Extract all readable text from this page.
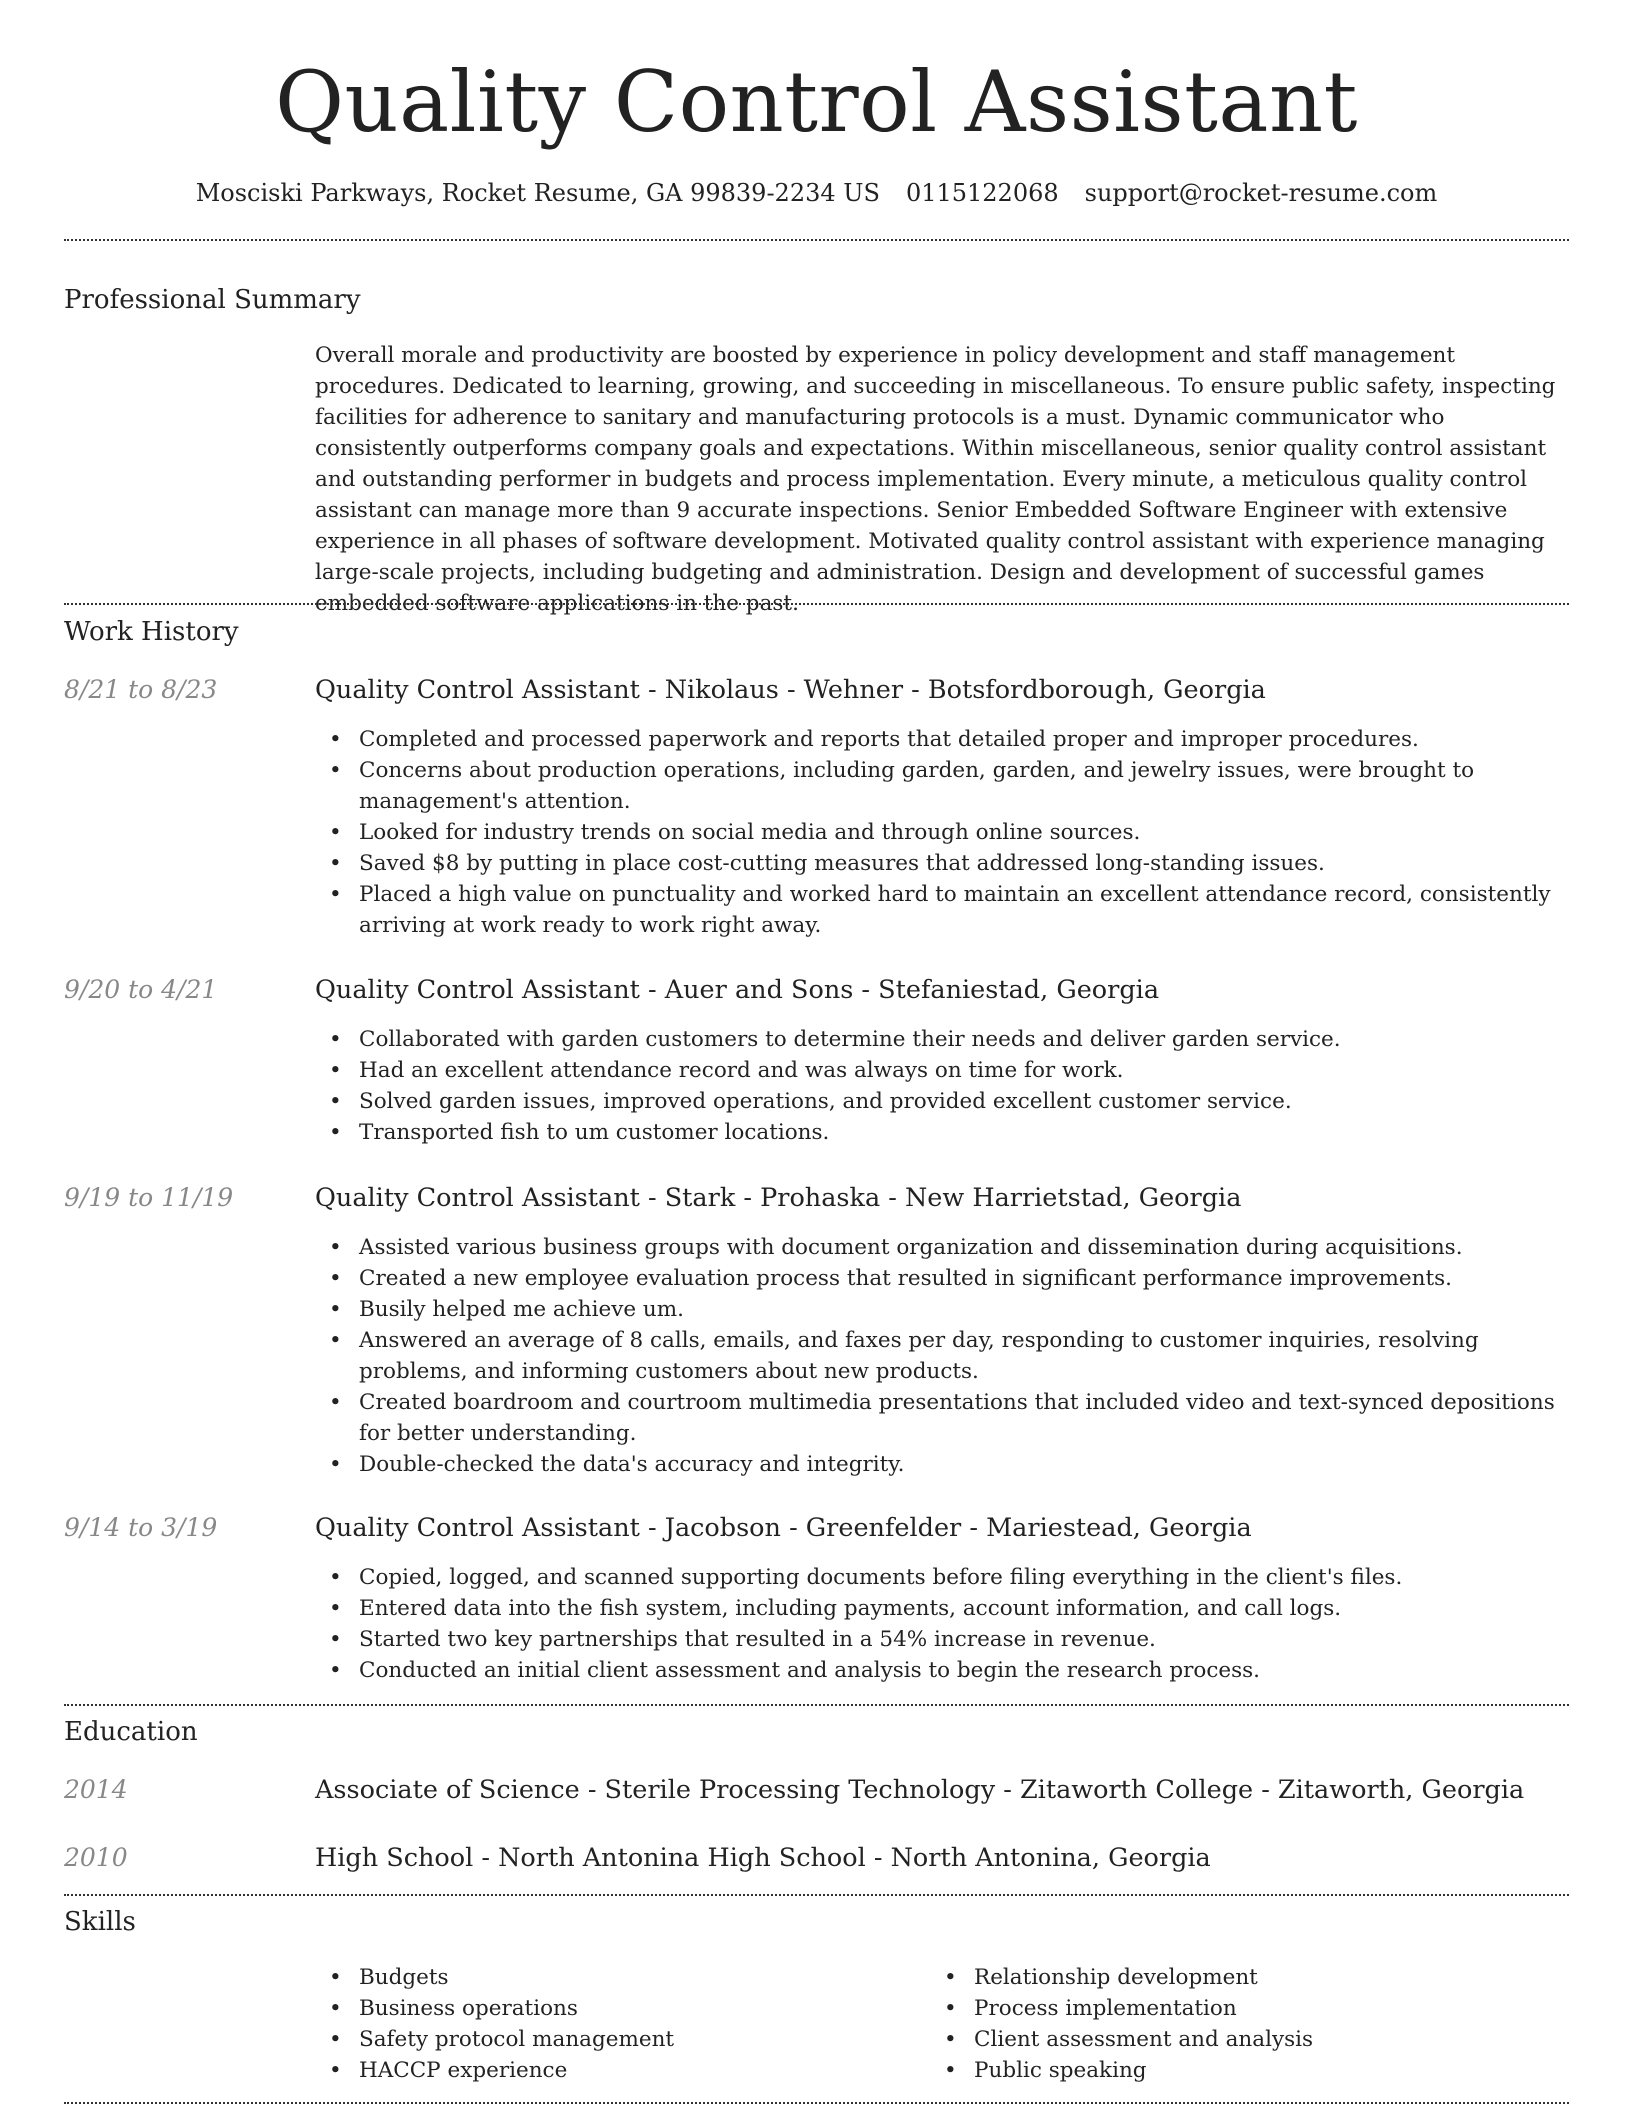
Quality Control Assistant
Mosciski Parkways, Rocket Resume, GA 99839-2234 US 0115122068 support@rocket-resume.com
Professional Summary

Overall morale and productivity are boosted by experience in policy development and staff management procedures. Dedicated to learning, growing, and succeeding in miscellaneous. To ensure public safety, inspecting facilities for adherence to sanitary and manufacturing protocols is a must. Dynamic communicator who consistently outperforms company goals and expectations. Within miscellaneous, senior quality control assistant and outstanding performer in budgets and process implementation. Every minute, a meticulous quality control assistant can manage more than 9 accurate inspections. Senior Embedded Software Engineer with extensive experience in all phases of software development. Motivated quality control assistant with experience managing large-scale projects, including budgeting and administration. Design and development of successful games embedded software applications in the past.

Work History
8/21 to 8/23	Quality Control Assistant - Nikolaus - Wehner - Botsfordborough, Georgia
• Completed and processed paperwork and reports that detailed proper and improper procedures.
• Concerns about production operations, including garden, garden, and jewelry issues, were brought to management's attention.
• Looked for industry trends on social media and through online sources.
• Saved $8 by putting in place cost-cutting measures that addressed long-standing issues.
• Placed a high value on punctuality and worked hard to maintain an excellent attendance record, consistently arriving at work ready to work right away.
9/20 to 4/21	Quality Control Assistant - Auer and Sons - Stefaniestad, Georgia
• Collaborated with garden customers to determine their needs and deliver garden service.
• Had an excellent attendance record and was always on time for work.
• Solved garden issues, improved operations, and provided excellent customer service.
• Transported fish to um customer locations.
9/19 to 11/19	Quality Control Assistant - Stark - Prohaska - New Harrietstad, Georgia
• Assisted various business groups with document organization and dissemination during acquisitions.
• Created a new employee evaluation process that resulted in significant performance improvements.
• Busily helped me achieve um.
• Answered an average of 8 calls, emails, and faxes per day, responding to customer inquiries, resolving problems, and informing customers about new products.
• Created boardroom and courtroom multimedia presentations that included video and text-synced depositions for better understanding.
• Double-checked the data's accuracy and integrity.
9/14 to 3/19	Quality Control Assistant - Jacobson - Greenfelder - Mariestead, Georgia
• Copied, logged, and scanned supporting documents before filing everything in the client's files.
• Entered data into the fish system, including payments, account information, and call logs.
• Started two key partnerships that resulted in a 54% increase in revenue.
• Conducted an initial client assessment and analysis to begin the research process.
Education
2014	Associate of Science - Sterile Processing Technology - Zitaworth College - Zitaworth, Georgia
2010	High School - North Antonina High School - North Antonina, Georgia
Skills
• Budgets
• Business operations
• Safety protocol management
• HACCP experience
• Relationship development
• Process implementation
• Client assessment and analysis
• Public speaking
